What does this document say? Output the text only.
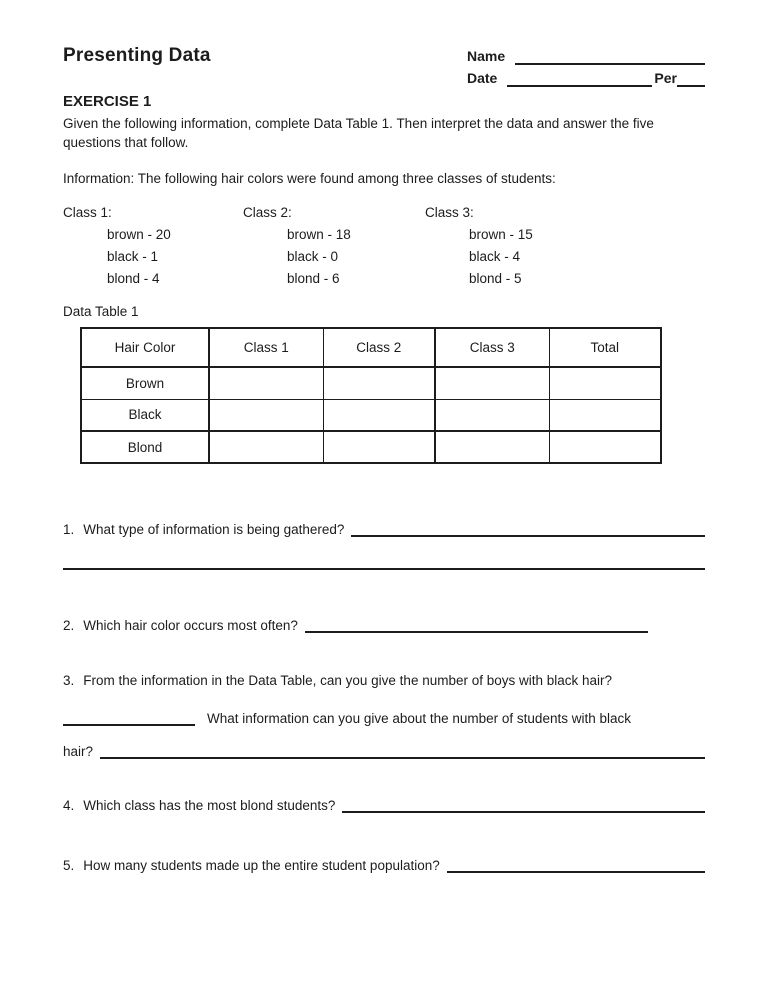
Presenting Data	Name
Date	Per
EXERCISE 1

Given the following information, complete Data Table 1. Then interpret the data and answer the five questions that follow.

Information: The following hair colors were found among three classes of students:
Class 1:
brown - 20
black - 1
blond - 4
Class 2:
brown - 18
black - 0
blond - 6
Class 3:
brown - 15
black - 4
blond - 5
Data Table 1
Hair Color	Class 1	Class 2	Class 3	Total
Brown				
Black				
Blond				
1. What type of information is being gathered?
2. Which hair color occurs most often?
3. From the information in the Data Table, can you give the number of boys with black hair?
What information can you give about the number of students with black
hair?
4. Which class has the most blond students?
5. How many students made up the entire student population?
